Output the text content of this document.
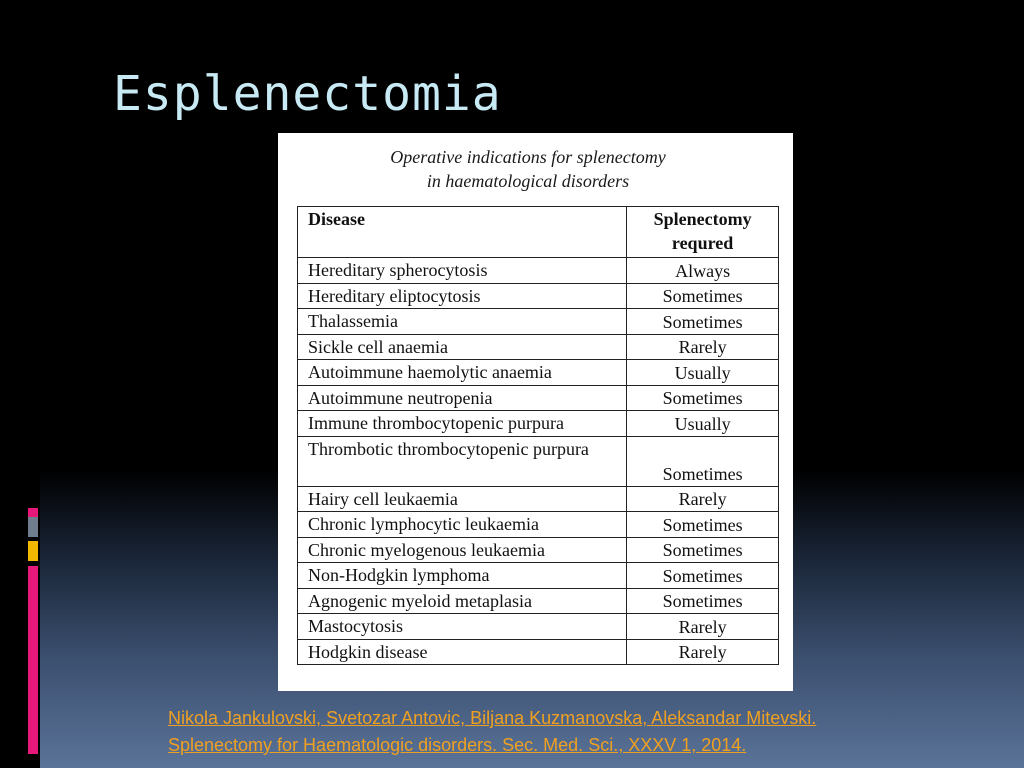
Esplenectomia
Operative indications for splenectomy
in haematological disorders
Disease	Splenectomy requred
Hereditary spherocytosis	Always
Hereditary eliptocytosis	Sometimes
Thalassemia	Sometimes
Sickle cell anaemia	Rarely
Autoimmune haemolytic anaemia	Usually
Autoimmune neutropenia	Sometimes
Immune thrombocytopenic purpura	Usually
Thrombotic thrombocytopenic purpura	Sometimes
Hairy cell leukaemia	Rarely
Chronic lymphocytic leukaemia	Sometimes
Chronic myelogenous leukaemia	Sometimes
Non-Hodgkin lymphoma	Sometimes
Agnogenic myeloid metaplasia	Sometimes
Mastocytosis	Rarely
Hodgkin disease	Rarely
Nikola Jankulovski, Svetozar Antovic, Biljana Kuzmanovska, Aleksandar Mitevski.
Splenectomy for Haematologic disorders. Sec. Med. Sci., XXXV 1, 2014.
